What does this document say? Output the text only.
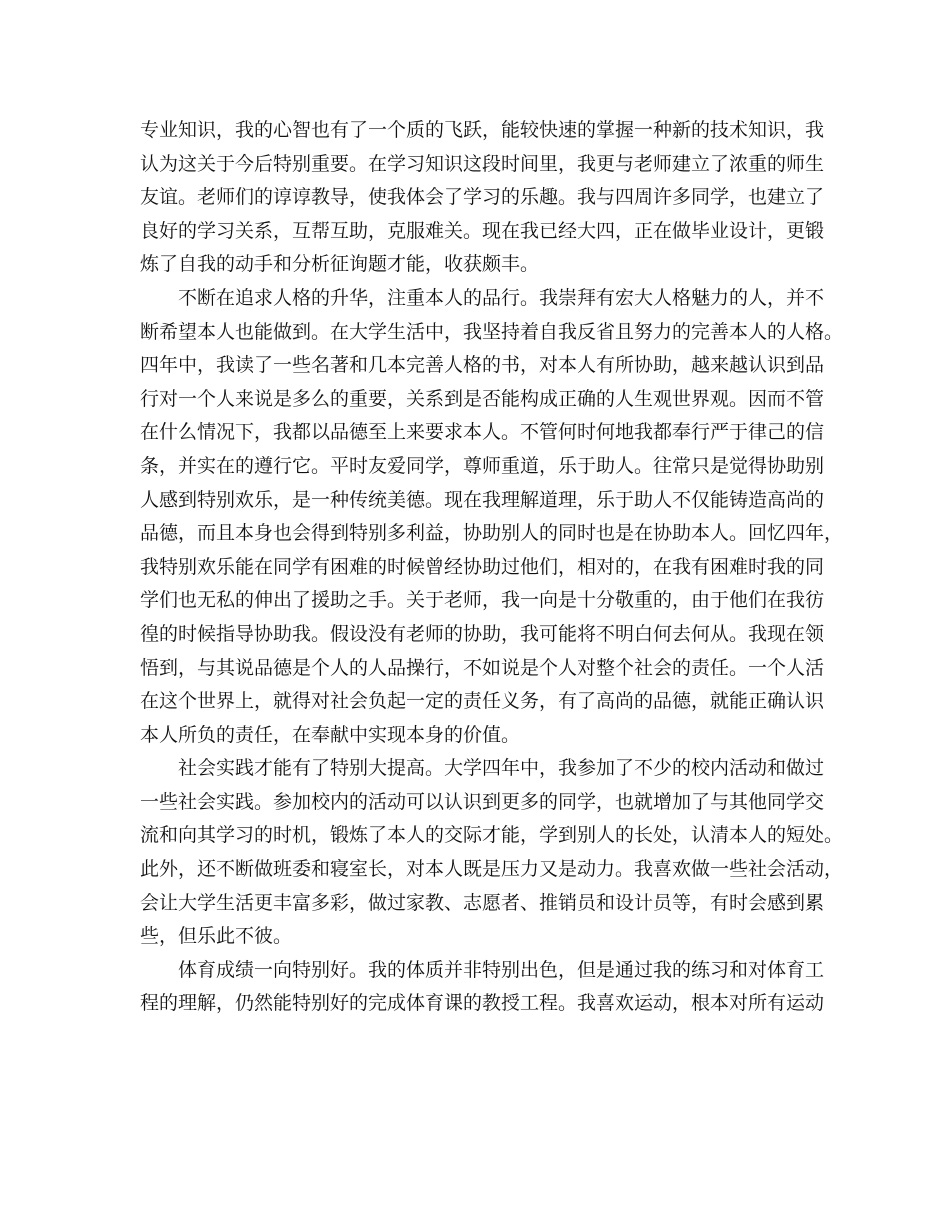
专业知识，我的心智也有了一个质的飞跃，能较快速的掌握一种新的技术知识，我
认为这关于今后特别重要。在学习知识这段时间里，我更与老师建立了浓重的师生
友谊。老师们的谆谆教导，使我体会了学习的乐趣。我与四周许多同学，也建立了
良好的学习关系，互帮互助，克服难关。现在我已经大四，正在做毕业设计，更锻
炼了自我的动手和分析征询题才能，收获颇丰。
　　不断在追求人格的升华，注重本人的品行。我崇拜有宏大人格魅力的人，并不
断希望本人也能做到。在大学生活中，我坚持着自我反省且努力的完善本人的人格。
四年中，我读了一些名著和几本完善人格的书，对本人有所协助，越来越认识到品
行对一个人来说是多么的重要，关系到是否能构成正确的人生观世界观。因而不管
在什么情况下，我都以品德至上来要求本人。不管何时何地我都奉行严于律己的信
条，并实在的遵行它。平时友爱同学，尊师重道，乐于助人。往常只是觉得协助别
人感到特别欢乐，是一种传统美德。现在我理解道理，乐于助人不仅能铸造高尚的
品德，而且本身也会得到特别多利益，协助别人的同时也是在协助本人。回忆四年，
我特别欢乐能在同学有困难的时候曾经协助过他们，相对的，在我有困难时我的同
学们也无私的伸出了援助之手。关于老师，我一向是十分敬重的，由于他们在我彷
徨的时候指导协助我。假设没有老师的协助，我可能将不明白何去何从。我现在领
悟到，与其说品德是个人的人品操行，不如说是个人对整个社会的责任。一个人活
在这个世界上，就得对社会负起一定的责任义务，有了高尚的品德，就能正确认识
本人所负的责任，在奉献中实现本身的价值。
　　社会实践才能有了特别大提高。大学四年中，我参加了不少的校内活动和做过
一些社会实践。参加校内的活动可以认识到更多的同学，也就增加了与其他同学交
流和向其学习的时机，锻炼了本人的交际才能，学到别人的长处，认清本人的短处。
此外，还不断做班委和寝室长，对本人既是压力又是动力。我喜欢做一些社会活动，
会让大学生活更丰富多彩，做过家教、志愿者、推销员和设计员等，有时会感到累
些，但乐此不彼。
　　体育成绩一向特别好。我的体质并非特别出色，但是通过我的练习和对体育工
程的理解，仍然能特别好的完成体育课的教授工程。我喜欢运动，根本对所有运动
